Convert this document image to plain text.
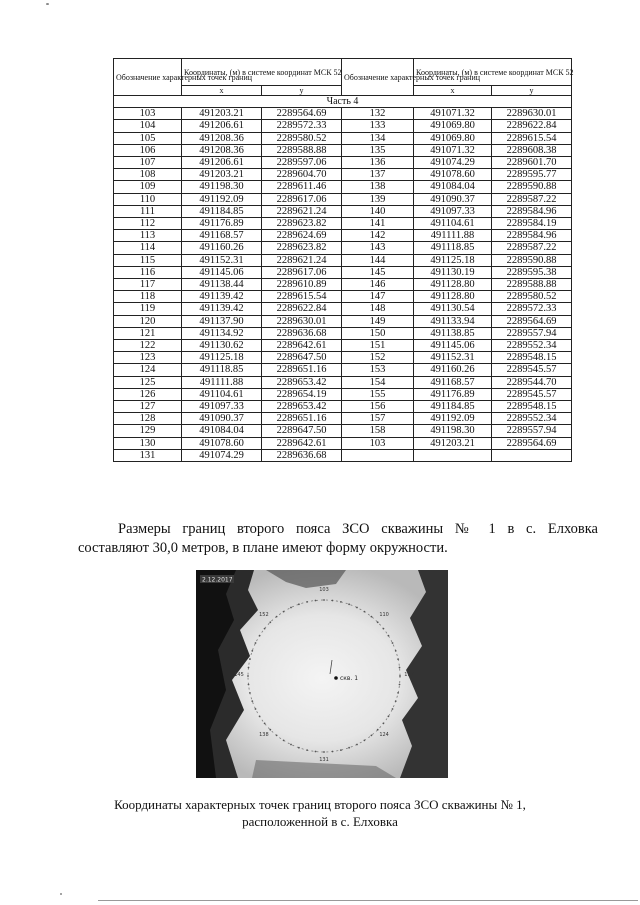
Обозначение характерных точек границ	Координаты, (м) в системе координат МСК 52		Обозначение характерных точек границ	Координаты, (м) в системе координат МСК 52	
	x	y		x	y
Часть 4					
103	491203.21	2289564.69	132	491071.32	2289630.01
104	491206.61	2289572.33	133	491069.80	2289622.84
105	491208.36	2289580.52	134	491069.80	2289615.54
106	491208.36	2289588.88	135	491071.32	2289608.38
107	491206.61	2289597.06	136	491074.29	2289601.70
108	491203.21	2289604.70	137	491078.60	2289595.77
109	491198.30	2289611.46	138	491084.04	2289590.88
110	491192.09	2289617.06	139	491090.37	2289587.22
111	491184.85	2289621.24	140	491097.33	2289584.96
112	491176.89	2289623.82	141	491104.61	2289584.19
113	491168.57	2289624.69	142	491111.88	2289584.96
114	491160.26	2289623.82	143	491118.85	2289587.22
115	491152.31	2289621.24	144	491125.18	2289590.88
116	491145.06	2289617.06	145	491130.19	2289595.38
117	491138.44	2289610.89	146	491128.80	2289588.88
118	491139.42	2289615.54	147	491128.80	2289580.52
119	491139.42	2289622.84	148	491130.54	2289572.33
120	491137.90	2289630.01	149	491133.94	2289564.69
121	491134.92	2289636.68	150	491138.85	2289557.94
122	491130.62	2289642.61	151	491145.06	2289552.34
123	491125.18	2289647.50	152	491152.31	2289548.15
124	491118.85	2289651.16	153	491160.26	2289545.57
125	491111.88	2289653.42	154	491168.57	2289544.70
126	491104.61	2289654.19	155	491176.89	2289545.57
127	491097.33	2289653.42	156	491184.85	2289548.15
128	491090.37	2289651.16	157	491192.09	2289552.34
129	491084.04	2289647.50	158	491198.30	2289557.94
130	491078.60	2289642.61	103	491203.21	2289564.69
131	491074.29	2289636.68			
Размеры границ второго пояса ЗСО скважины № 1 в с. Елховка
составляют 30,0 метров, в плане имеют форму окружности.
103
110
117
124
131
138
145
152
скв. 1
2.12.2017
Координаты характерных точек границ второго пояса ЗСО скважины № 1,
расположенной в с. Елховка
